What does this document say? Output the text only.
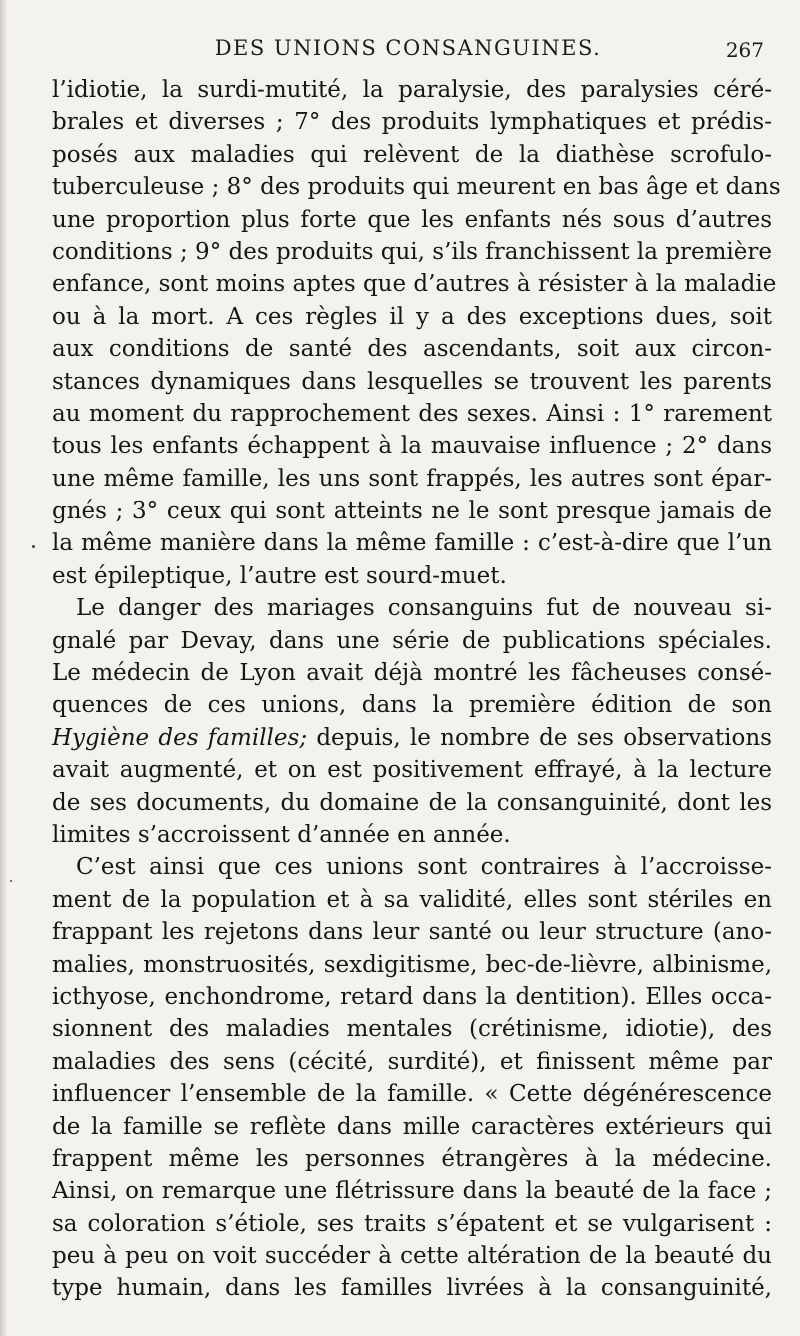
DES UNIONS CONSANGUINES.	267
l’idiotie, la surdi-mutité, la paralysie, des paralysies céré-
brales et diverses ; 7° des produits lymphatiques et prédis-
posés aux maladies qui relèvent de la diathèse scrofulo-
tuberculeuse ; 8° des produits qui meurent en bas âge et dans
une proportion plus forte que les enfants nés sous d’autres
conditions ; 9° des produits qui, s’ils franchissent la première
enfance, sont moins aptes que d’autres à résister à la maladie
ou à la mort. A ces règles il y a des exceptions dues, soit
aux conditions de santé des ascendants, soit aux circon-
stances dynamiques dans lesquelles se trouvent les parents
au moment du rapprochement des sexes. Ainsi : 1° rarement
tous les enfants échappent à la mauvaise influence ; 2° dans
une même famille, les uns sont frappés, les autres sont épar-
gnés ; 3° ceux qui sont atteints ne le sont presque jamais de
la même manière dans la même famille : c’est-à-dire que l’un
est épileptique, l’autre est sourd-muet.
Le danger des mariages consanguins fut de nouveau si-
gnalé par Devay, dans une série de publications spéciales.
Le médecin de Lyon avait déjà montré les fâcheuses consé-
quences de ces unions, dans la première édition de son
Hygiène des familles; depuis, le nombre de ses observations
avait augmenté, et on est positivement effrayé, à la lecture
de ses documents, du domaine de la consanguinité, dont les
limites s’accroissent d’année en année.
C’est ainsi que ces unions sont contraires à l’accroisse-
ment de la population et à sa validité, elles sont stériles en
frappant les rejetons dans leur santé ou leur structure (ano-
malies, monstruosités, sexdigitisme, bec-de-lièvre, albinisme,
icthyose, enchondrome, retard dans la dentition). Elles occa-
sionnent des maladies mentales (crétinisme, idiotie), des
maladies des sens (cécité, surdité), et finissent même par
influencer l’ensemble de la famille. « Cette dégénérescence
de la famille se reflète dans mille caractères extérieurs qui
frappent même les personnes étrangères à la médecine.
Ainsi, on remarque une flétrissure dans la beauté de la face ;
sa coloration s’étiole, ses traits s’épatent et se vulgarisent :
peu à peu on voit succéder à cette altération de la beauté du
type humain, dans les familles livrées à la consanguinité,
